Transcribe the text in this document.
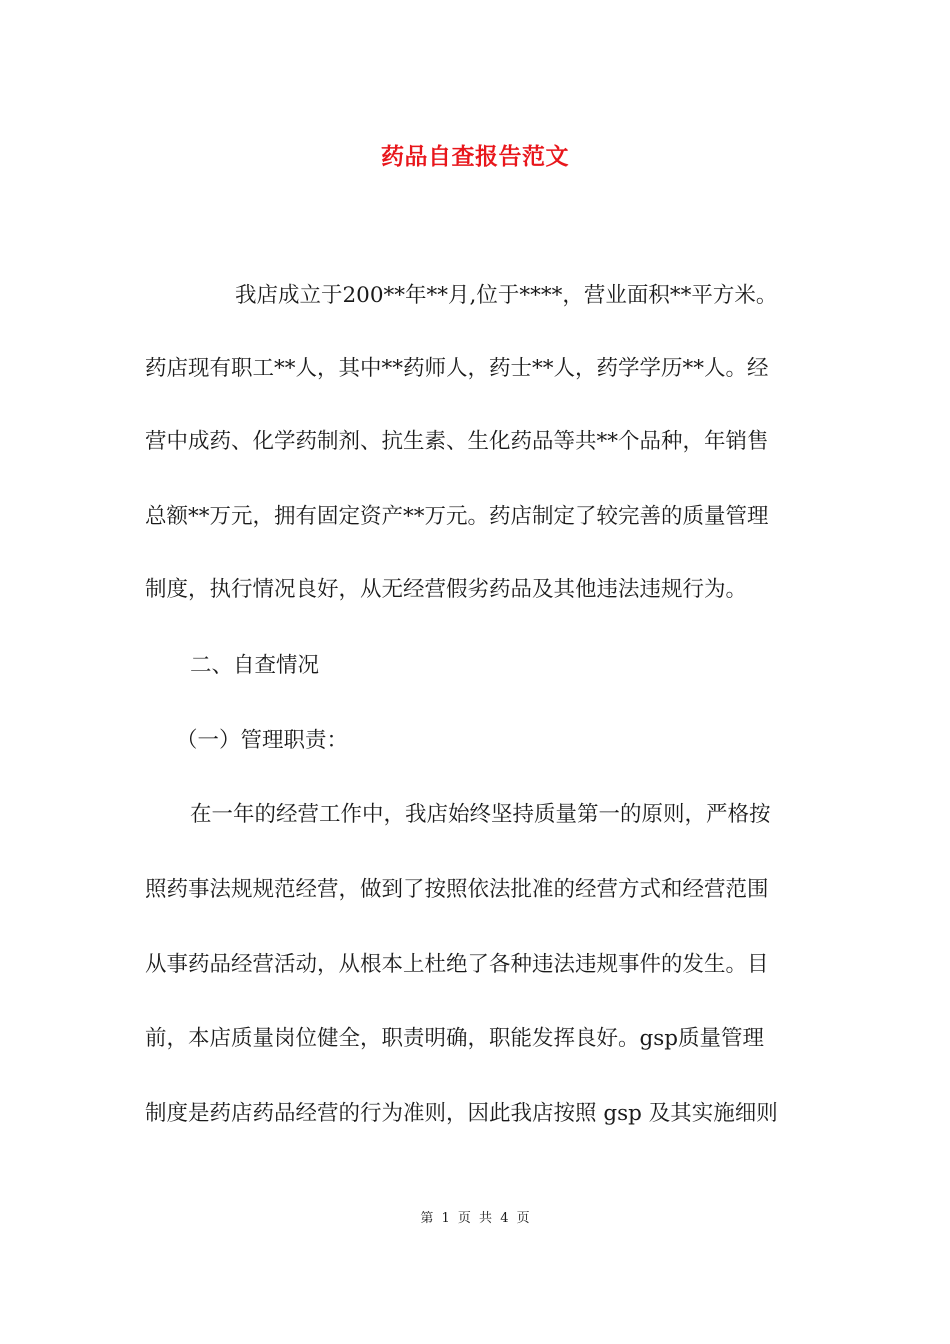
药品自查报告范文
我店成立于200**年**月,位于****，营业面积**平方米。
药店现有职工**人，其中**药师人，药士**人，药学学历**人。经
营中成药、化学药制剂、抗生素、生化药品等共**个品种，年销售
总额**万元，拥有固定资产**万元。药店制定了较完善的质量管理
制度，执行情况良好，从无经营假劣药品及其他违法违规行为。
二、自查情况
（一）管理职责：
在一年的经营工作中，我店始终坚持质量第一的原则，严格按
照药事法规规范经营，做到了按照依法批准的经营方式和经营范围
从事药品经营活动，从根本上杜绝了各种违法违规事件的发生。目
前，本店质量岗位健全，职责明确，职能发挥良好。gsp质量管理
制度是药店药品经营的行为准则，因此我店按照 gsp 及其实施细则
第 1 页 共 4 页
